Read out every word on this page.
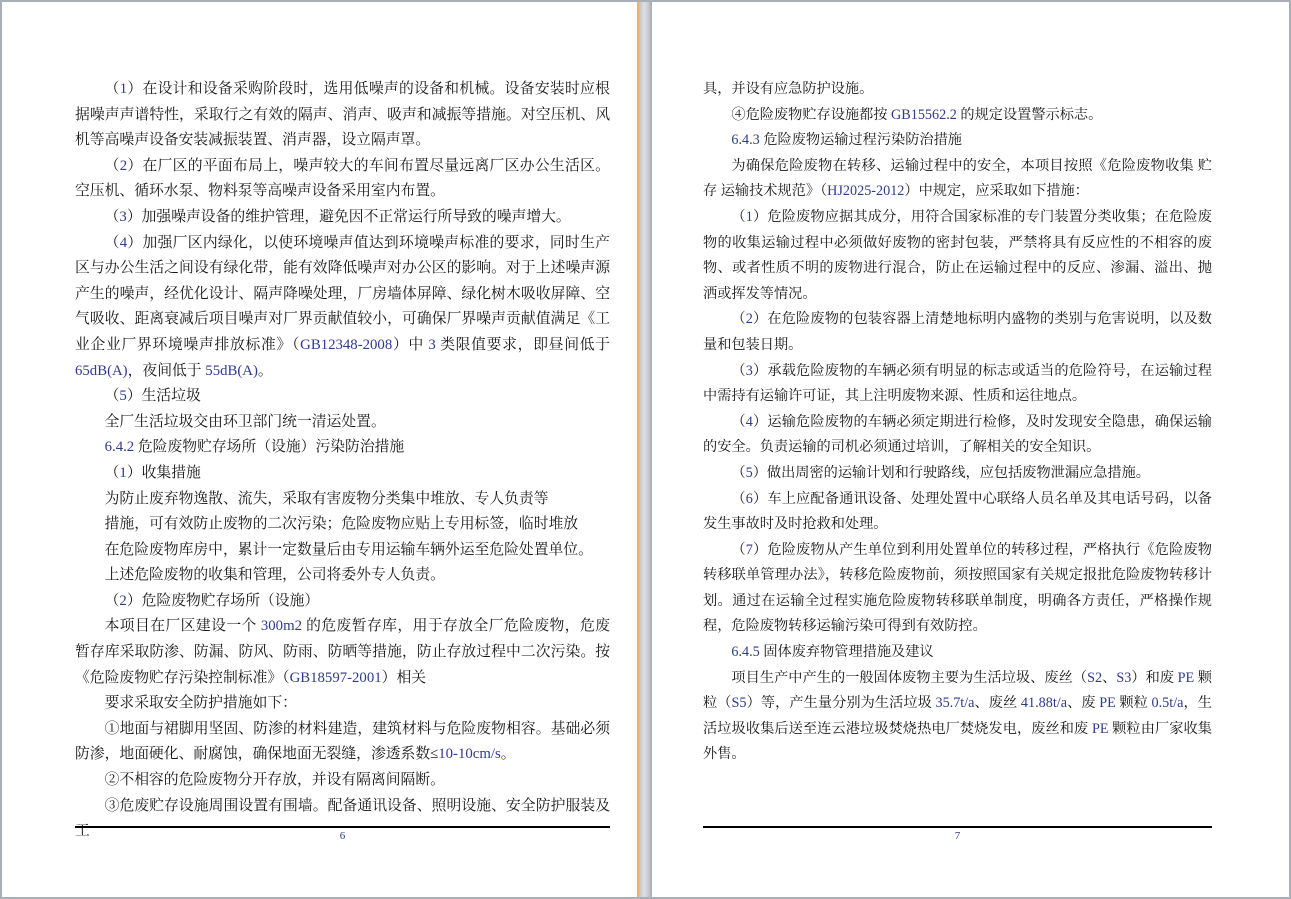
（1）在设计和设备采购阶段时，选用低噪声的设备和机械。设备安装时应根据噪声声谱特性，采取行之有效的隔声、消声、吸声和减振等措施。对空压机、风机等高噪声设备安装减振装置、消声器，设立隔声罩。

（2）在厂区的平面布局上，噪声较大的车间布置尽量远离厂区办公生活区。空压机、循环水泵、物料泵等高噪声设备采用室内布置。

（3）加强噪声设备的维护管理，避免因不正常运行所导致的噪声增大。

（4）加强厂区内绿化，以使环境噪声值达到环境噪声标准的要求，同时生产区与办公生活之间设有绿化带，能有效降低噪声对办公区的影响。对于上述噪声源产生的噪声，经优化设计、隔声降噪处理，厂房墙体屏障、绿化树木吸收屏障、空气吸收、距离衰减后项目噪声对厂界贡献值较小，可确保厂界噪声贡献值满足《工业企业厂界环境噪声排放标准》（GB12348-2008）中 3 类限值要求，即昼间低于 65dB(A)，夜间低于 55dB(A)。

（5）生活垃圾

全厂生活垃圾交由环卫部门统一清运处置。

6.4.2 危险废物贮存场所（设施）污染防治措施

（1）收集措施

为防止废弃物逸散、流失，采取有害废物分类集中堆放、专人负责等

措施，可有效防止废物的二次污染；危险废物应贴上专用标签，临时堆放

在危险废物库房中，累计一定数量后由专用运输车辆外运至危险处置单位。

上述危险废物的收集和管理，公司将委外专人负责。

（2）危险废物贮存场所（设施）

本项目在厂区建设一个 300m2 的危废暂存库，用于存放全厂危险废物，危废暂存库采取防渗、防漏、防风、防雨、防晒等措施，防止存放过程中二次污染。按《危险废物贮存污染控制标准》（GB18597-2001）相关

要求采取安全防护措施如下：

①地面与裙脚用坚固、防渗的材料建造，建筑材料与危险废物相容。基础必须防渗，地面硬化、耐腐蚀，确保地面无裂缝，渗透系数≤10-10cm/s。

②不相容的危险废物分开存放，并设有隔离间隔断。

③危废贮存设施周围设置有围墙。配备通讯设备、照明设施、安全防护服装及工	6

具，并设有应急防护设施。

④危险废物贮存设施都按 GB15562.2 的规定设置警示标志。

6.4.3 危险废物运输过程污染防治措施

为确保危险废物在转移、运输过程中的安全，本项目按照《危险废物收集 贮存 运输技术规范》（HJ2025-2012）中规定，应采取如下措施：

（1）危险废物应据其成分，用符合国家标准的专门装置分类收集；在危险废物的收集运输过程中必须做好废物的密封包装，严禁将具有反应性的不相容的废物、或者性质不明的废物进行混合，防止在运输过程中的反应、渗漏、溢出、抛洒或挥发等情况。

（2）在危险废物的包装容器上清楚地标明内盛物的类别与危害说明，以及数量和包装日期。

（3）承载危险废物的车辆必须有明显的标志或适当的危险符号，在运输过程中需持有运输许可证，其上注明废物来源、性质和运往地点。

（4）运输危险废物的车辆必须定期进行检修，及时发现安全隐患，确保运输的安全。负责运输的司机必须通过培训，了解相关的安全知识。

（5）做出周密的运输计划和行驶路线，应包括废物泄漏应急措施。

（6）车上应配备通讯设备、处理处置中心联络人员名单及其电话号码，以备发生事故时及时抢救和处理。

（7）危险废物从产生单位到利用处置单位的转移过程，严格执行《危险废物转移联单管理办法》，转移危险废物前，须按照国家有关规定报批危险废物转移计划。通过在运输全过程实施危险废物转移联单制度，明确各方责任，严格操作规程，危险废物转移运输污染可得到有效防控。

6.4.5 固体废弃物管理措施及建议

项目生产中产生的一般固体废物主要为生活垃圾、废丝（S2、S3）和废 PE 颗粒（S5）等，产生量分别为生活垃圾 35.7t/a、废丝 41.88t/a、废 PE 颗粒 0.5t/a，生活垃圾收集后送至连云港垃圾焚烧热电厂焚烧发电，废丝和废 PE 颗粒由厂家收集外售。

7
